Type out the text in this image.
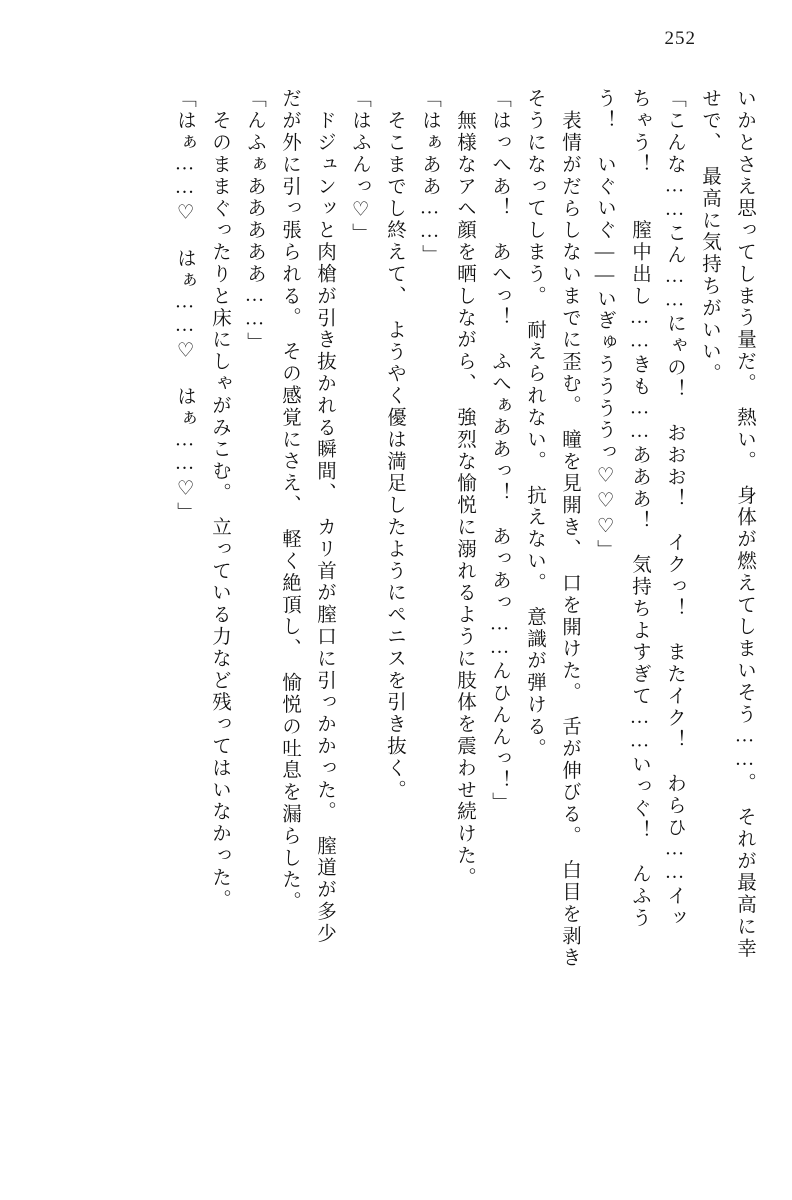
252
いかとさえ思ってしまう量だ。　熱い。　身体が燃えてしまいそう……。　それが最高に幸
せで、　最高に気持ちがいい。
「こんな……こん……にゃの！　おおお！　イクっ！　またイク！　わらひ……イッ
ちゃう！　　膣中出し……きも……あああ！　気持ちよすぎて……いっぐ！　んふう
う！　いぐいぐ――いぎゅううううっ♡♡♡」
表情がだらしないまでに歪む。　瞳を見開き、　口を開けた。　舌が伸びる。　白目を剥き
そうになってしまう。　耐えられない。　抗えない。　意識が弾ける。
「はっへあ！　あへっ！　ふへぁああっ！　あっあっ……んひんんっ！」
無様なアヘ顔を晒しながら、　強烈な愉悦に溺れるように肢体を震わせ続けた。
「はぁああ……」
そこまでし終えて、　ようやく優は満足したようにペニスを引き抜く。
「はふんっ♡」
ドジュンッと肉槍が引き抜かれる瞬間、　カリ首が膣口に引っかかった。　膣道が多少
だが外に引っ張られる。　その感覚にさえ、　軽く絶頂し、　愉悦の吐息を漏らした。
「んふぁあああああ……」
そのままぐったりと床にしゃがみこむ。　立っている力など残ってはいなかった。
「はぁ……♡　はぁ……♡　はぁ……♡」
